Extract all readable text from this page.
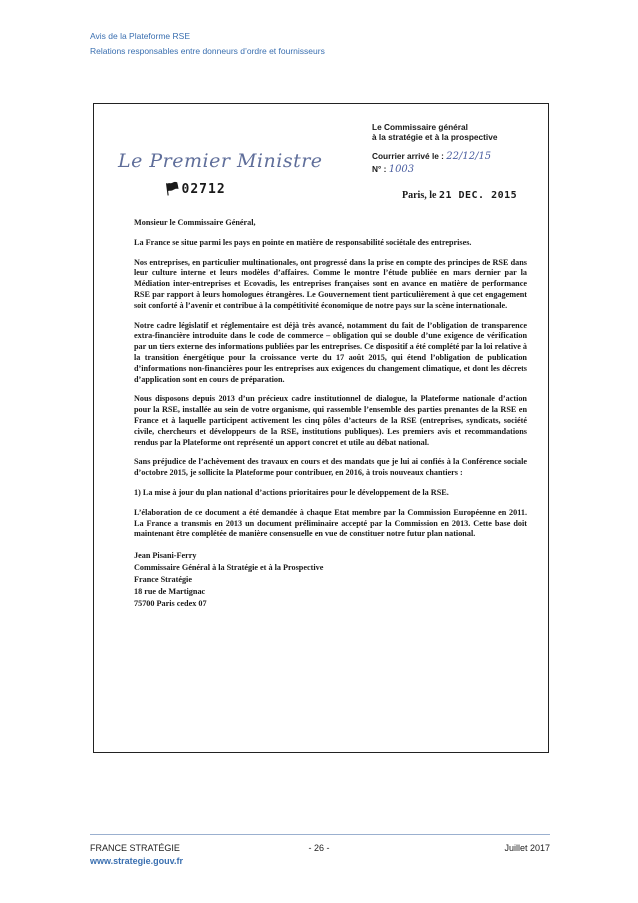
Avis de la Plateforme RSE
Relations responsables entre donneurs d’ordre et fournisseurs
Le Premier Ministre
🏴︎02712
Le Commissaire général
à la stratégie et à la prospective
Courrier arrivé le : 22/12/15
N° : 1003
Paris, le 21 DEC. 2015

Monsieur le Commissaire Général,

La France se situe parmi les pays en pointe en matière de responsabilité sociétale des entreprises.

Nos entreprises, en particulier multinationales, ont progressé dans la prise en compte des principes de RSE dans leur culture interne et leurs modèles d’affaires. Comme le montre l’étude publiée en mars dernier par la Médiation inter-entreprises et Ecovadis, les entreprises françaises sont en avance en matière de performance RSE par rapport à leurs homologues étrangères. Le Gouvernement tient particulièrement à que cet engagement soit conforté à l’avenir et contribue à la compétitivité économique de notre pays sur la scène internationale.

Notre cadre législatif et réglementaire est déjà très avancé, notamment du fait de l’obligation de transparence extra-financière introduite dans le code de commerce – obligation qui se double d’une exigence de vérification par un tiers externe des informations publiées par les entreprises. Ce dispositif a été complété par la loi relative à la transition énergétique pour la croissance verte du 17 août 2015, qui étend l’obligation de publication d’informations non-financières pour les entreprises aux exigences du changement climatique, et dont les décrets d’application sont en cours de préparation.

Nous disposons depuis 2013 d’un précieux cadre institutionnel de dialogue, la Plateforme nationale d’action pour la RSE, installée au sein de votre organisme, qui rassemble l’ensemble des parties prenantes de la RSE en France et à laquelle participent activement les cinq pôles d’acteurs de la RSE (entreprises, syndicats, société civile, chercheurs et développeurs de la RSE, institutions publiques). Les premiers avis et recommandations rendus par la Plateforme ont représenté un apport concret et utile au débat national.

Sans préjudice de l’achèvement des travaux en cours et des mandats que je lui ai confiés à la Conférence sociale d’octobre 2015, je sollicite la Plateforme pour contribuer, en 2016, à trois nouveaux chantiers :

1) La mise à jour du plan national d’actions prioritaires pour le développement de la RSE.

L’élaboration de ce document a été demandée à chaque Etat membre par la Commission Européenne en 2011. La France a transmis en 2013 un document préliminaire accepté par la Commission en 2013. Cette base doit maintenant être complétée de manière consensuelle en vue de constituer notre futur plan national.

Jean Pisani-Ferry
Commissaire Général à la Stratégie et à la Prospective
France Stratégie
18 rue de Martignac
75700 Paris cedex 07
FRANCE STRATÉGIE	- 26 -	Juillet 2017
www.strategie.gouv.fr
